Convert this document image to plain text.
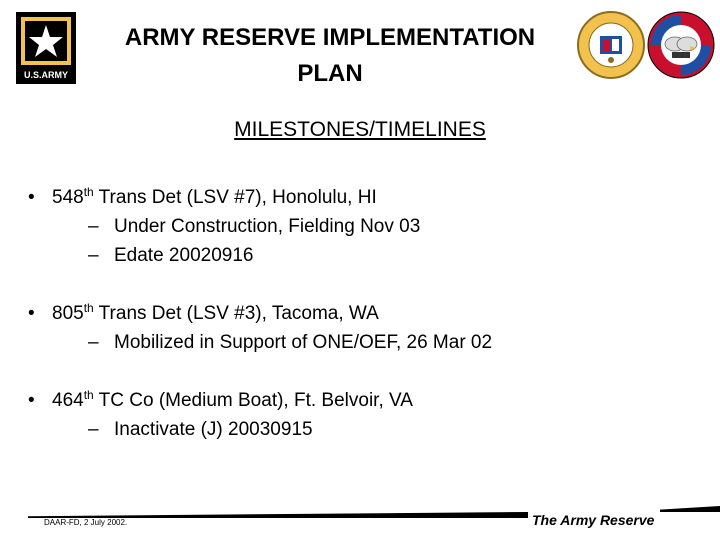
U.S.ARMY
ARMY RESERVE IMPLEMENTATION
PLAN
MILESTONES/TIMELINES
• 548th Trans Det (LSV #7), Honolulu, HI
– Under Construction, Fielding Nov 03
– Edate 20020916
• 805th Trans Det (LSV #3), Tacoma, WA
– Mobilized in Support of ONE/OEF, 26 Mar 02
• 464th TC Co (Medium Boat), Ft. Belvoir, VA
– Inactivate (J) 20030915
DAAR-FD, 2 July 2002.	The Army Reserve
